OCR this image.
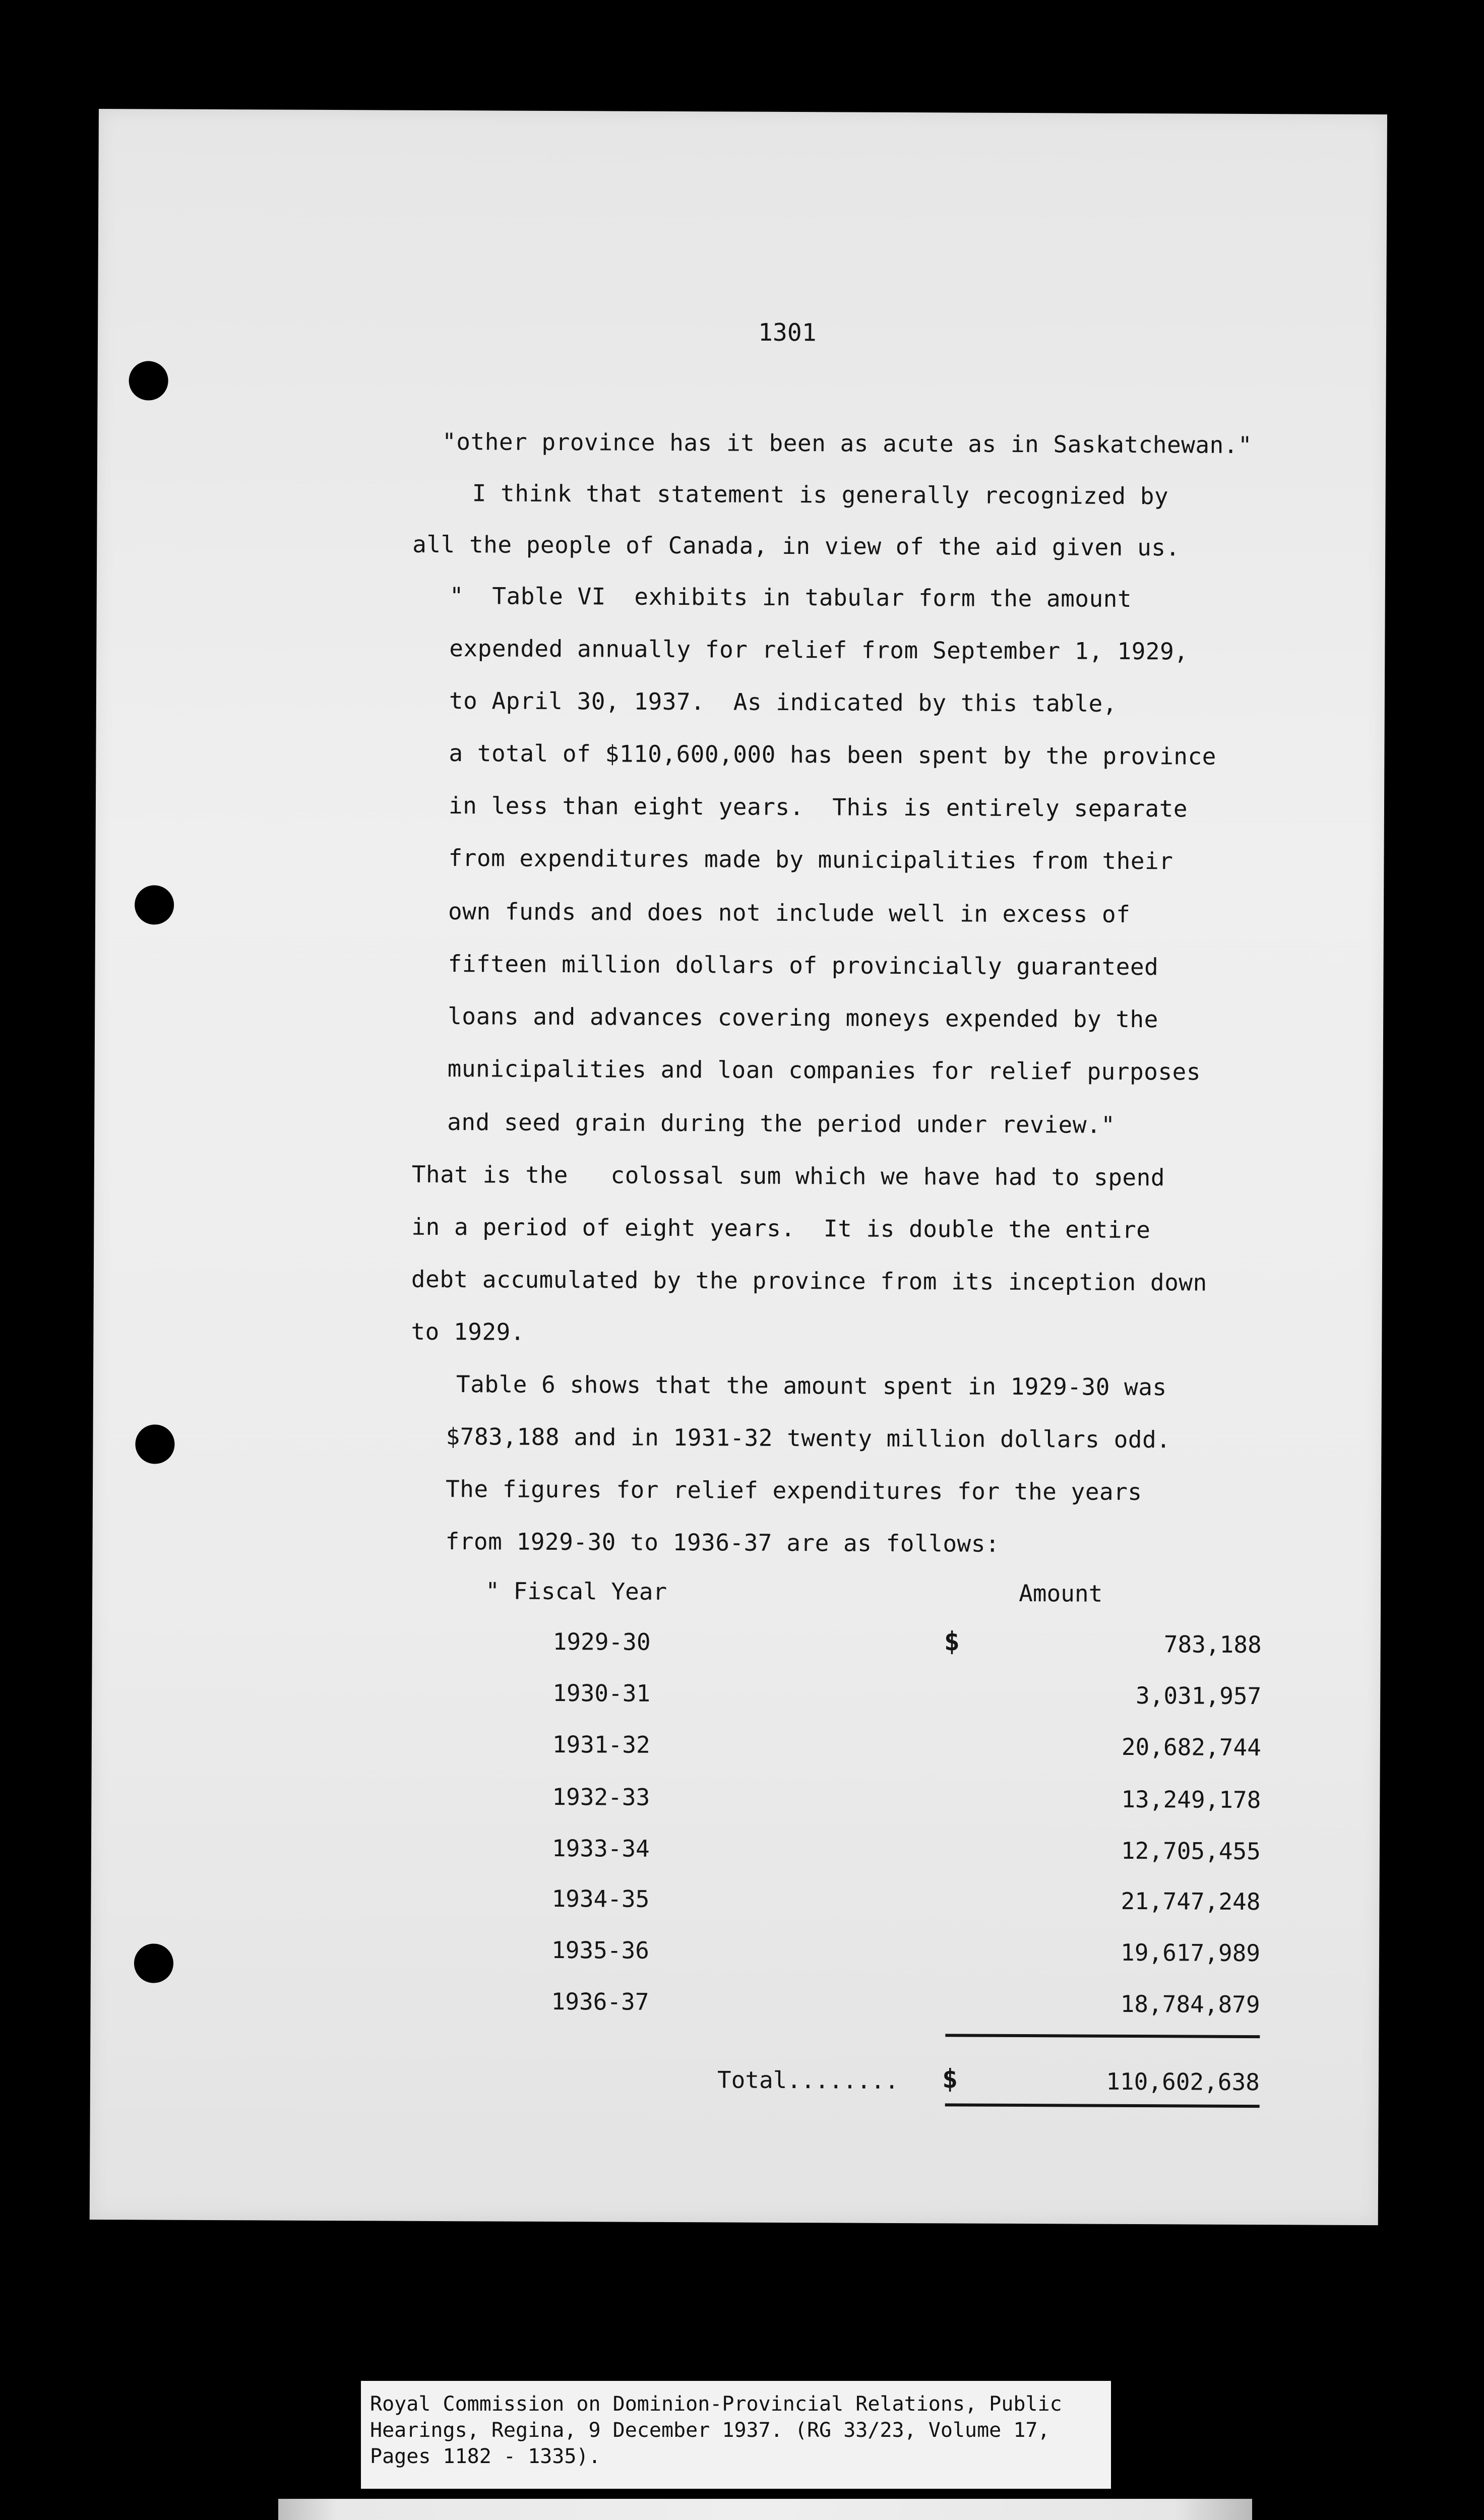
1301

"other province has it been as acute as in Saskatchewan."

I think that statement is generally recognized by

all the people of Canada, in view of the aid given us.

"  Table VI  exhibits in tabular form the amount

expended annually for relief from September 1, 1929,

to April 30, 1937.  As indicated by this table,

a total of $110,600,000 has been spent by the province

in less than eight years.  This is entirely separate

from expenditures made by municipalities from their

own funds and does not include well in excess of

fifteen million dollars of provincially guaranteed

loans and advances covering moneys expended by the

municipalities and loan companies for relief purposes

and seed grain during the period under review."

That is the   colossal sum which we have had to spend

in a period of eight years.  It is double the entire

debt accumulated by the province from its inception down

to 1929.

Table 6 shows that the amount spent in 1929-30 was

$783,188 and in 1931-32 twenty million dollars odd.

The figures for relief expenditures for the years

from 1929-30 to 1936-37 are as follows:

" Fiscal Year	Amount
$
1929-30
1930-31
1931-32
1932-33
1933-34
1934-35
1935-36
1936-37
783,188
3,031,957
20,682,744
13,249,178
12,705,455
21,747,248
19,617,989
18,784,879
110,602,638
Total........ $
Royal Commission on Dominion-Provincial Relations, Public Hearings, Regina, 9 December 1937. (RG 33/23, Volume 17, Pages 1182 - 1335).
